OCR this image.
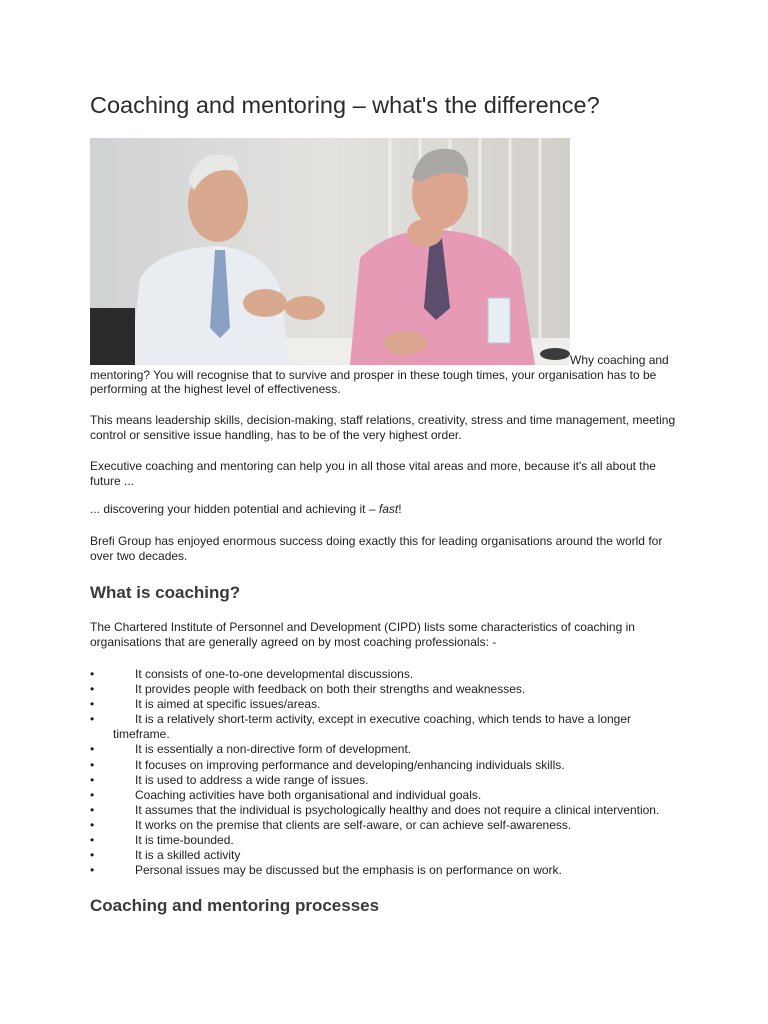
Coaching and mentoring – what's the difference?
Why coaching and mentoring? You will recognise that to survive and prosper in these tough times, your organisation has to be performing at the highest level of effectiveness.

This means leadership skills, decision-making, staff relations, creativity, stress and time management, meeting control or sensitive issue handling, has to be of the very highest order.

Executive coaching and mentoring can help you in all those vital areas and more, because it's all about the future ...

... discovering your hidden potential and achieving it – fast!

Brefi Group has enjoyed enormous success doing exactly this for leading organisations around the world for over two decades.

What is coaching?

The Chartered Institute of Personnel and Development (CIPD) lists some characteristics of coaching in organisations that are generally agreed on by most coaching professionals: -

•	It consists of one-to-one developmental discussions.
•	It provides people with feedback on both their strengths and weaknesses.
•	It is aimed at specific issues/areas.
•	It is a relatively short-term activity, except in executive coaching, which tends to have a longer
timeframe.
•	It is essentially a non-directive form of development.
•	It focuses on improving performance and developing/enhancing individuals skills.
•	It is used to address a wide range of issues.
•	Coaching activities have both organisational and individual goals.
•	It assumes that the individual is psychologically healthy and does not require a clinical intervention.
•	It works on the premise that clients are self-aware, or can achieve self-awareness.
•	It is time-bounded.
•	It is a skilled activity
•	Personal issues may be discussed but the emphasis is on performance on work.
Coaching and mentoring processes
